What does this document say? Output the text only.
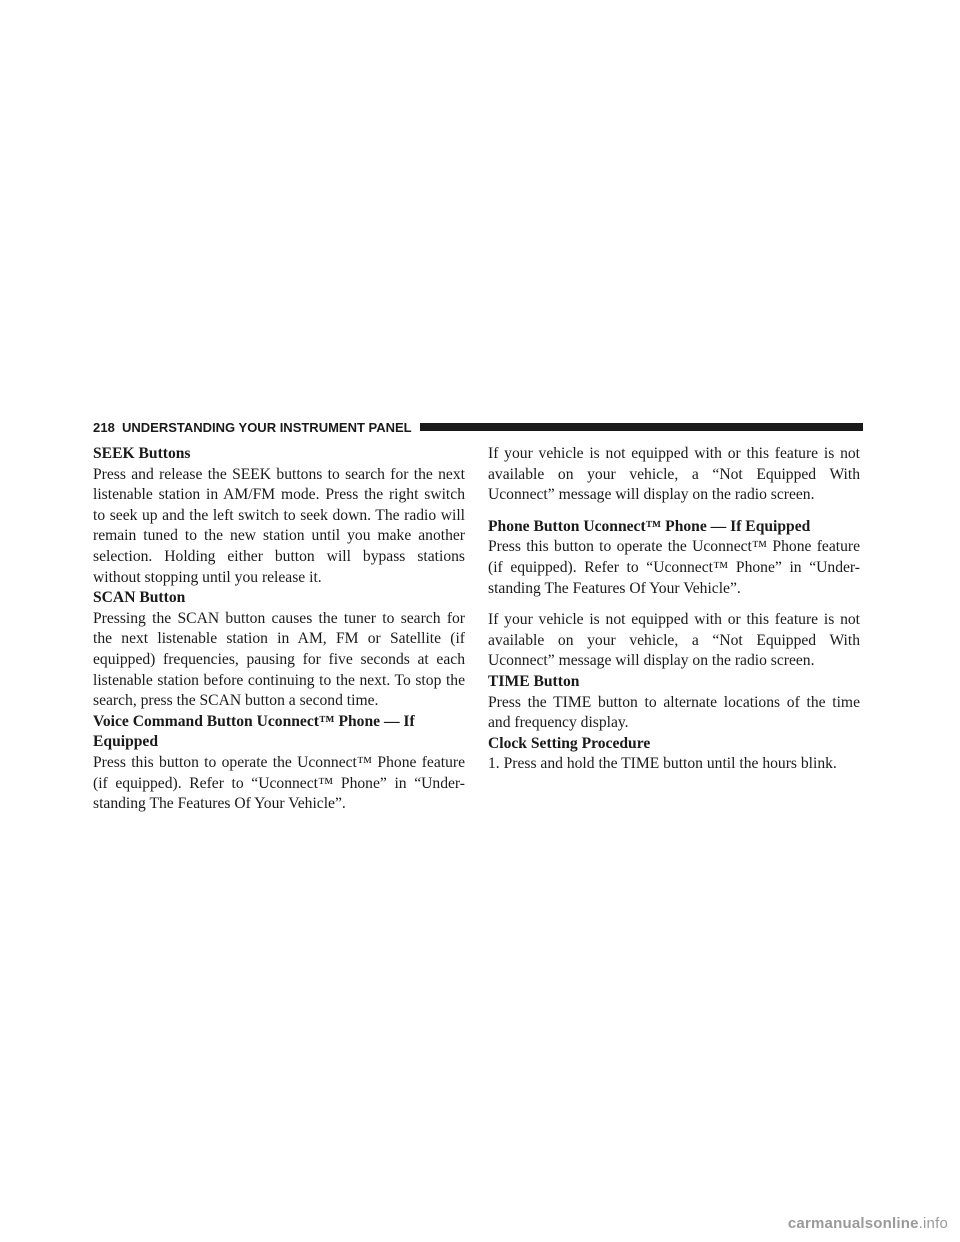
218 UNDERSTANDING YOUR INSTRUMENT PANEL

SEEK Buttons

Press and release the SEEK buttons to search for the next listenable station in AM/FM mode. Press the right switch to seek up and the left switch to seek down. The radio will remain tuned to the new station until you make another selection. Holding either button will bypass stations without stopping until you release it.

SCAN Button

Pressing the SCAN button causes the tuner to search for the next listenable station in AM, FM or Satellite (if equipped) frequencies, pausing for five seconds at each listenable station before continuing to the next. To stop the search, press the SCAN button a second time.

Voice Command Button Uconnect™ Phone — If Equipped

Press this button to operate the Uconnect™ Phone feature (if equipped). Refer to “Uconnect™ Phone” in “Under-standing The Features Of Your Vehicle”.

If your vehicle is not equipped with or this feature is not available on your vehicle, a “Not Equipped With Uconnect” message will display on the radio screen.

Phone Button Uconnect™ Phone — If Equipped

Press this button to operate the Uconnect™ Phone feature (if equipped). Refer to “Uconnect™ Phone” in “Under-standing The Features Of Your Vehicle”.

If your vehicle is not equipped with or this feature is not available on your vehicle, a “Not Equipped With Uconnect” message will display on the radio screen.

TIME Button

Press the TIME button to alternate locations of the time and frequency display.

Clock Setting Procedure

1. Press and hold the TIME button until the hours blink.

carmanualsonline.info
